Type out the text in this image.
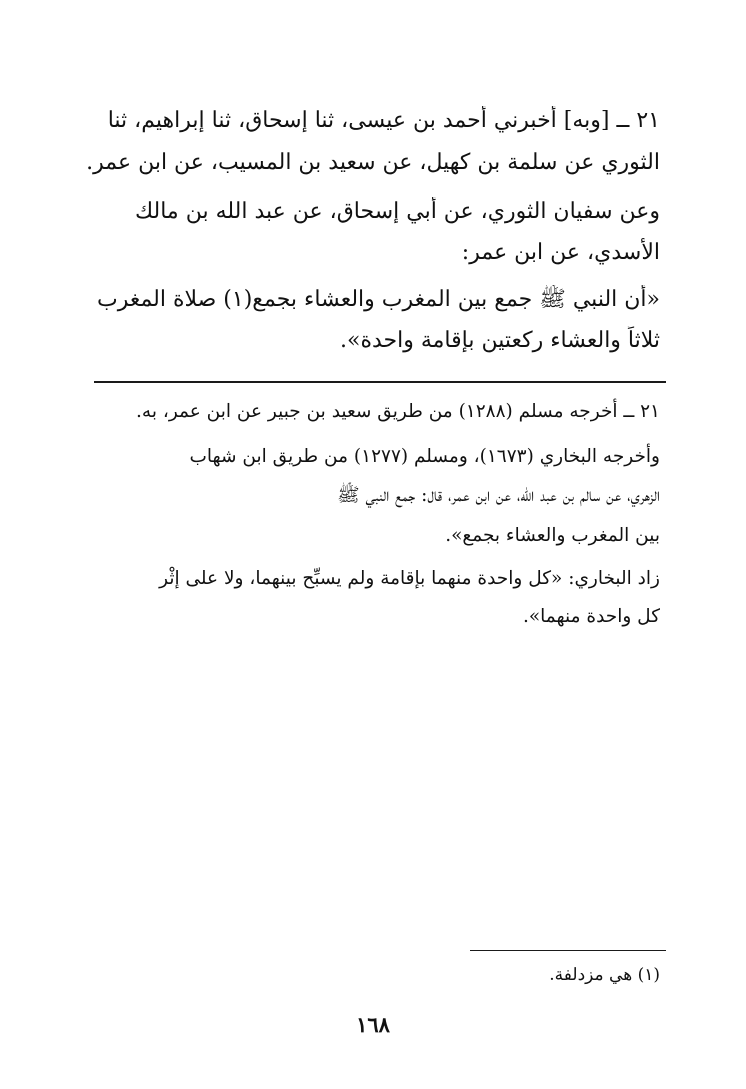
٢١ ــ [وبه] أخبرني أحمد بن عيسى، ثنا إسحاق، ثنا إبراهيم، ثنا
الثوري عن سلمة بن كهيل، عن سعيد بن المسيب، عن ابن عمر.
وعن سفيان الثوري، عن أبي إسحاق، عن عبد الله بن مالك
الأسدي، عن ابن عمر:
«أن النبي ﷺ جمع بين المغرب والعشاء بجمع(١) صلاة المغرب
ثلاثاً والعشاء ركعتين بإقامة واحدة».
٢١ ــ أخرجه مسلم (١٢٨٨) من طريق سعيد بن جبير عن ابن عمر، به.
وأخرجه البخاري (١٦٧٣)، ومسلم (١٢٧٧) من طريق ابن شهاب
الزهري، عن سالم بن عبد الله، عن ابن عمر، قال: جمع النبي ﷺ
بين المغرب والعشاء بجمع».
زاد البخاري: «كل واحدة منهما بإقامة ولم يسبِّح بينهما، ولا على إثْر
كل واحدة منهما».
(١) هي مزدلفة.
١٦٨
